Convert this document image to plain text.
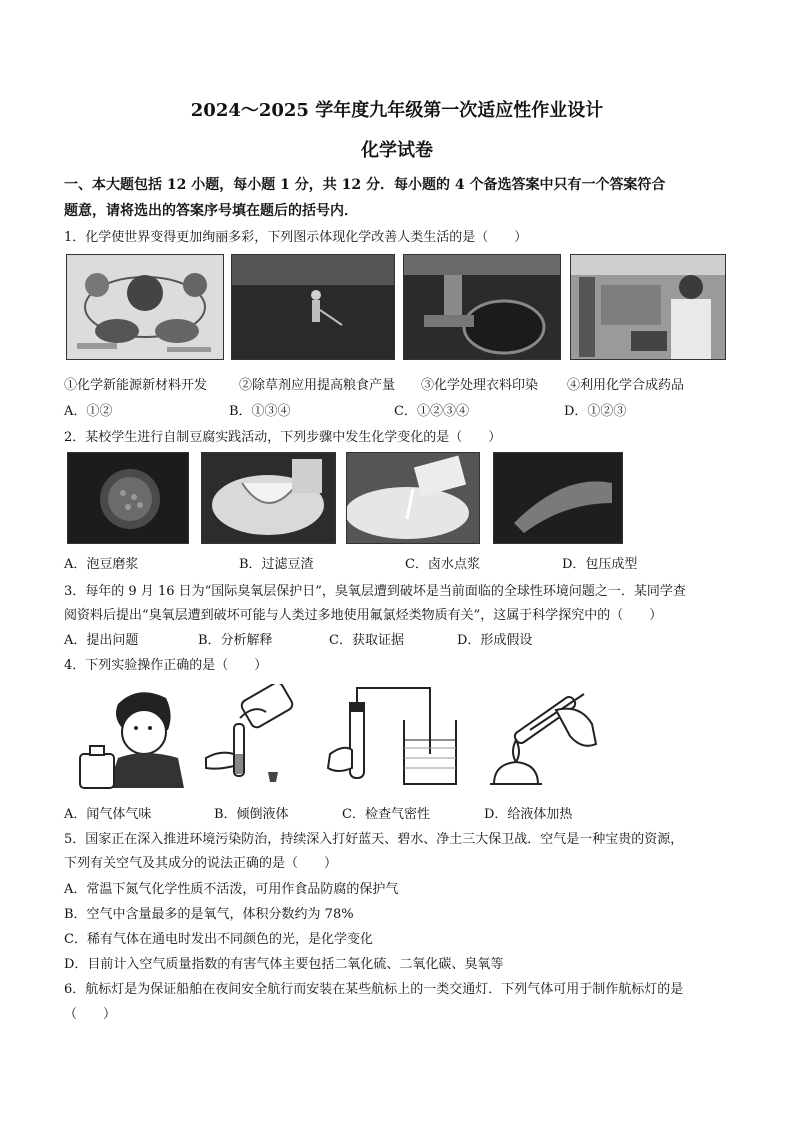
2024～2025 学年度九年级第一次适应性作业设计
化学试卷
一、本大题包括 12 小题，每小题 1 分，共 12 分．每小题的 4 个备选答案中只有一个答案符合
题意，请将选出的答案序号填在题后的括号内．
1．化学使世界变得更加绚丽多彩，下列图示体现化学改善人类生活的是（　　）
①化学新能源新材料开发 ②除草剂应用提高粮食产量 ③化学处理衣料印染 ④利用化学合成药品
A．①②	B．①③④	C．①②③④	D．①②③
2．某校学生进行自制豆腐实践活动，下列步骤中发生化学变化的是（　　）
A．泡豆磨浆	B．过滤豆渣	C．卤水点浆	D．包压成型
3．每年的 9 月 16 日为“国际臭氧层保护日”，臭氧层遭到破坏是当前面临的全球性环境问题之一．某同学查
阅资料后提出“臭氧层遭到破坏可能与人类过多地使用氟氯烃类物质有关”，这属于科学探究中的（　　）
A．提出问题	B．分析解释	C．获取证据	D．形成假设
4．下列实验操作正确的是（　　）
A．闻气体气味	B．倾倒液体	C．检查气密性	D．给液体加热
5．国家正在深入推进环境污染防治，持续深入打好蓝天、碧水、净土三大保卫战．空气是一种宝贵的资源，
下列有关空气及其成分的说法正确的是（　　）
A．常温下氮气化学性质不活泼，可用作食品防腐的保护气
B．空气中含量最多的是氧气，体积分数约为 78%
C．稀有气体在通电时发出不同颜色的光，是化学变化
D．目前计入空气质量指数的有害气体主要包括二氧化硫、二氧化碳、臭氧等
6．航标灯是为保证船舶在夜间安全航行而安装在某些航标上的一类交通灯．下列气体可用于制作航标灯的是
（　　）
